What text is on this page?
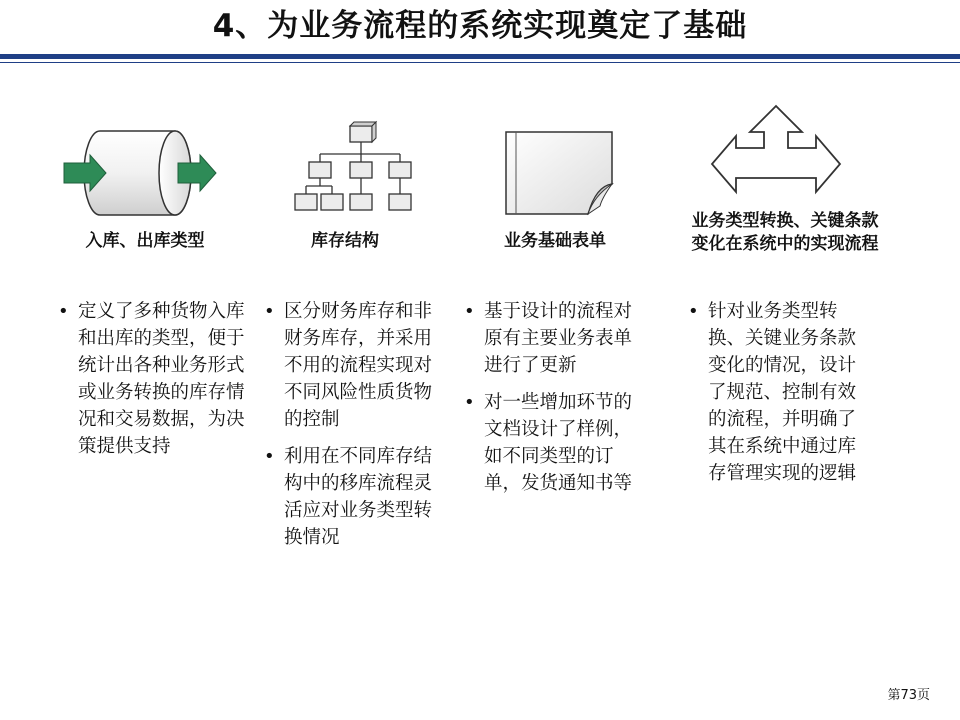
4、为业务流程的系统实现奠定了基础
入库、出库类型	库存结构	业务基础表单
业务类型转换、关键条款
变化在系统中的实现流程
• 定义了多种货物入库和出库的类型，便于统计出各种业务形式或业务转换的库存情况和交易数据，为决策提供支持
• 区分财务库存和非财务库存，并采用不用的流程实现对不同风险性质货物的控制
• 利用在不同库存结构中的移库流程灵活应对业务类型转换情况
• 基于设计的流程对原有主要业务表单进行了更新
• 对一些增加环节的文档设计了样例，如不同类型的订单，发货通知书等
• 针对业务类型转换、关键业务条款变化的情况，设计了规范、控制有效的流程，并明确了其在系统中通过库存管理实现的逻辑
第73页
